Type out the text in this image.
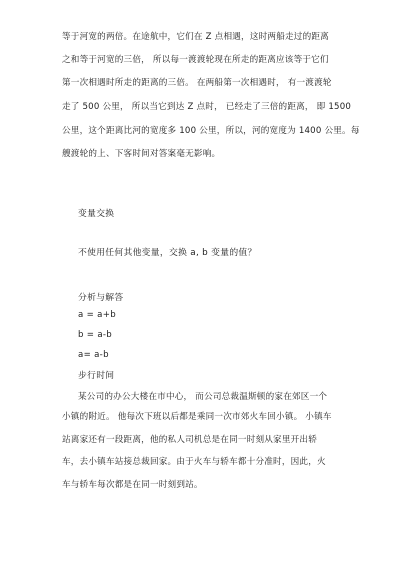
等于河宽的两倍。在途航中，它们在 Z 点相遇，这时两船走过的距离
之和等于河宽的三倍， 所以每一渡渡轮现在所走的距离应该等于它们
第一次相遇时所走的距离的三倍。 在两船第一次相遇时， 有一渡渡轮
走了 500 公里， 所以当它到达 Z 点时， 已经走了三倍的距离， 即 1500
公里，这个距离比河的宽度多 100 公里，所以，河的宽度为 1400 公里。每
艘渡轮的上、下客时间对答案毫无影响。
变量交换
不使用任何其他变量，交换 a, b 变量的值？
分析与解答
a = a+b
b = a-b
a= a-b
步行时间
某公司的办公大楼在市中心， 而公司总裁温斯顿的家在郊区一个
小镇的附近。 他每次下班以后都是乘同一次市郊火车回小镇。 小镇车
站离家还有一段距离，他的私人司机总是在同一时刻从家里开出轿
车，去小镇车站接总裁回家。由于火车与轿车都十分准时，因此，火
车与轿车每次都是在同一时刻到站。
